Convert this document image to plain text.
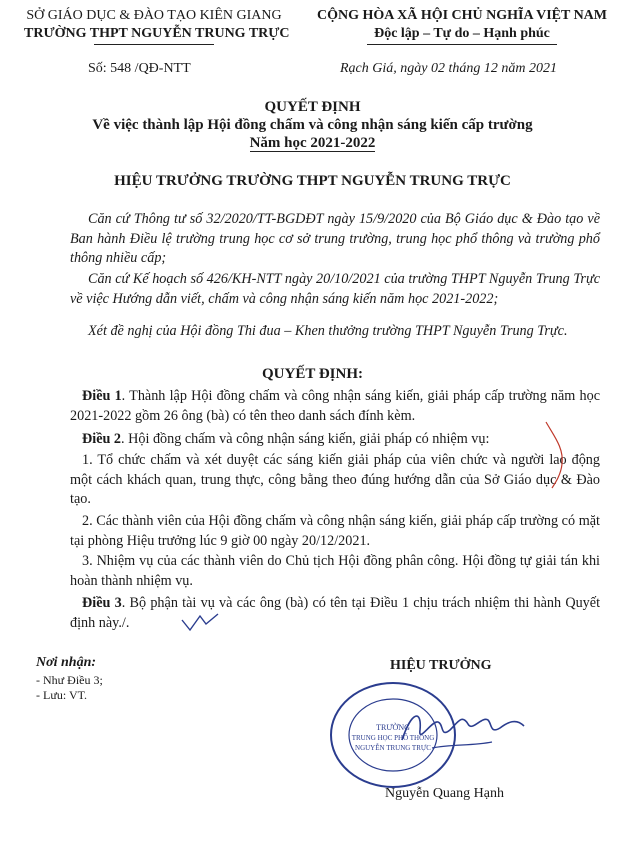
SỞ GIÁO DỤC & ĐÀO TẠO KIÊN GIANG
TRƯỜNG THPT NGUYỄN TRUNG TRỰC
CỘNG HÒA XÃ HỘI CHỦ NGHĨA VIỆT NAM
Độc lập – Tự do – Hạnh phúc
Số: 548 /QĐ-NTT	Rạch Giá, ngày 02 tháng 12 năm 2021
QUYẾT ĐỊNH
Về việc thành lập Hội đồng chấm và công nhận sáng kiến cấp trường
Năm học 2021-2022
HIỆU TRƯỞNG TRƯỜNG THPT NGUYỄN TRUNG TRỰC
Căn cứ Thông tư số 32/2020/TT-BGDĐT ngày 15/9/2020 của Bộ Giáo dục & Đào tạo về Ban hành Điều lệ trường trung học cơ sở trung trường, trung học phổ thông và trường phổ thông nhiều cấp;
Căn cứ Kế hoạch số 426/KH-NTT ngày 20/10/2021 của trường THPT Nguyễn Trung Trực về việc Hướng dẫn viết, chấm và công nhận sáng kiến năm học 2021-2022;
Xét đề nghị của Hội đồng Thi đua – Khen thưởng trường THPT Nguyễn Trung Trực.
QUYẾT ĐỊNH:
Điều 1. Thành lập Hội đồng chấm và công nhận sáng kiến, giải pháp cấp trường năm học 2021-2022 gồm 26 ông (bà) có tên theo danh sách đính kèm.
Điều 2. Hội đồng chấm và công nhận sáng kiến, giải pháp có nhiệm vụ:
1. Tổ chức chấm và xét duyệt các sáng kiến giải pháp của viên chức và người lao động một cách khách quan, trung thực, công bằng theo đúng hướng dẫn của Sở Giáo dục & Đào tạo.
2. Các thành viên của Hội đồng chấm và công nhận sáng kiến, giải pháp cấp trường có mặt tại phòng Hiệu trưởng lúc 9 giờ 00 ngày 20/12/2021.
3. Nhiệm vụ của các thành viên do Chủ tịch Hội đồng phân công. Hội đồng tự giải tán khi hoàn thành nhiệm vụ.
Điều 3. Bộ phận tài vụ và các ông (bà) có tên tại Điều 1 chịu trách nhiệm thi hành Quyết định này./.
Nơi nhận:
- Như Điều 3;
- Lưu: VT.
HIỆU TRƯỞNG
TRƯỜNG
TRUNG HỌC PHỔ THÔNG
NGUYỄN TRUNG TRỰC
Nguyễn Quang Hạnh
